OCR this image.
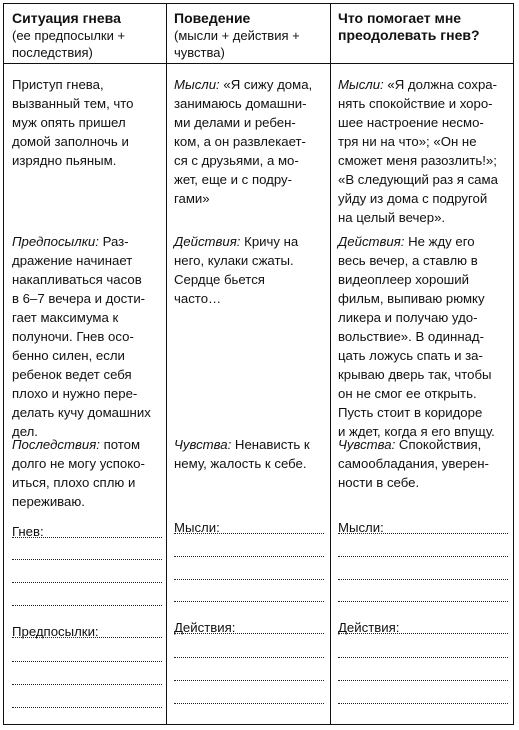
Ситуация гнева
(ее предпосылки +
последствия)
Поведение
(мысли + действия +
чувства)
Что помогает мне
преодолевать гнев?
Приступ гнева,
вызванный тем, что
муж опять пришел
домой заполночь и
изрядно пьяным.
Мысли: «Я сижу дома,
занимаюсь домашни-
ми делами и ребен-
ком, а он развлекает-
ся с друзьями, а мо-
жет, еще и с подру-
гами»
Мысли: «Я должна сохра-
нять спокойствие и хоро-
шее настроение несмо-
тря ни на что»; «Он не
сможет меня разозлить!»;
«В следующий раз я сама
уйду из дома с подругой
на целый вечер».
Предпосылки: Раз-
дражение начинает
накапливаться часов
в 6–7 вечера и дости-
гает максимума к
полуночи. Гнев осо-
бенно силен, если
ребенок ведет себя
плохо и нужно пере-
делать кучу домашних
дел.
Действия: Кричу на
него, кулаки сжаты.
Сердце бьется
часто…
Действия: Не жду его
весь вечер, а ставлю в
видеоплеер хороший
фильм, выпиваю рюмку
ликера и получаю удо-
вольствие». В одиннад-
цать ложусь спать и за-
крываю дверь так, чтобы
он не смог ее открыть.
Пусть стоит в коридоре
и ждет, когда я его впущу.
Последствия: потом
долго не могу успоко-
иться, плохо сплю и
переживаю.
Чувства: Ненависть к
нему, жалость к себе.
Чувства: Спокойствия,
самообладания, уверен-
ности в себе.
Гнев:
Предпосылки:
Мысли:
Действия:
Мысли:
Действия:
